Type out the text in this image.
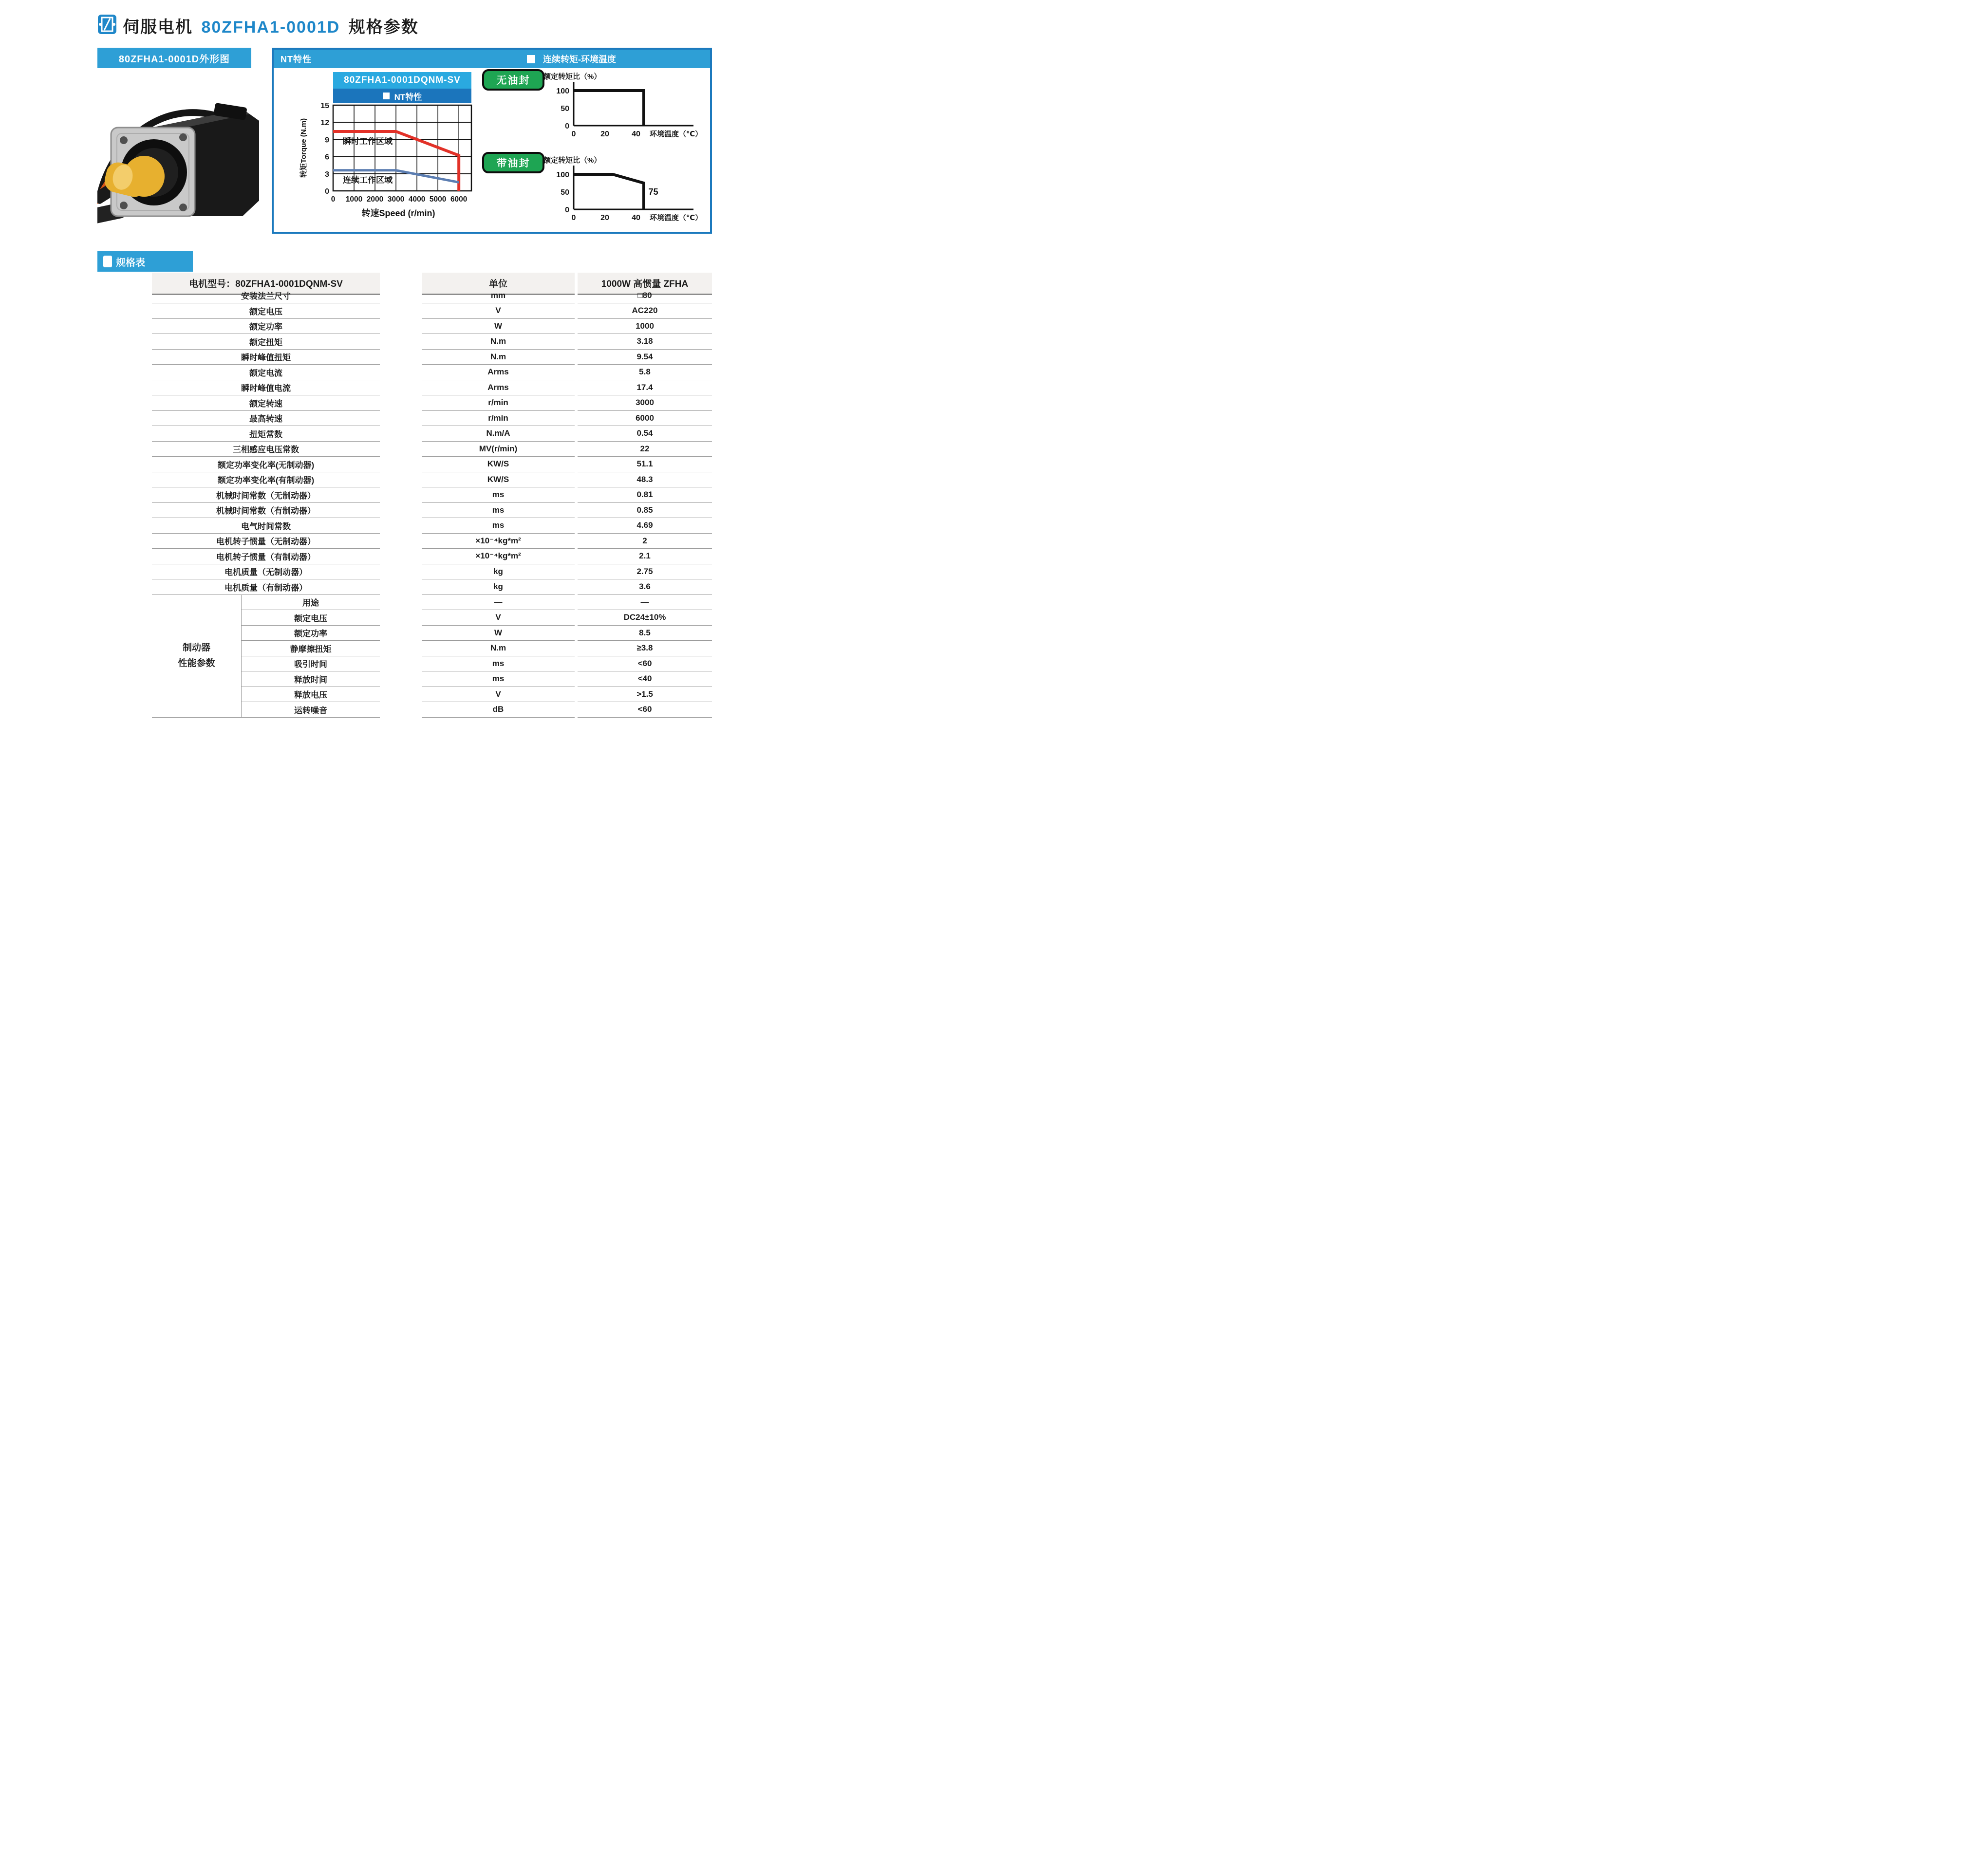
伺服电机 80ZFHA1-0001D 规格参数
80ZFHA1-0001D外形图	NT特性	连续转矩-环境温度
80ZFHA1-0001DQNM-SV
NT特性
瞬时工作区域
连续工作区域
0
3
6
9
12
15
0 1000 2000 3000 4000 5000 6000
转速Speed (r/min)
转矩Torque (N.m)
无油封
带油封
额定转矩比（%）
100
50
0
0	20	40 环境温度（℃）
额定转矩比（%）
100
50
0
0	20	40 环境温度（℃）
75
规格表
电机型号：80ZFHA1-0001DQNM-SV	单位	1000W 高惯量 ZFHA
安装法兰尺寸	mm	□80
额定电压	V	AC220
额定功率	W	1000
额定扭矩	N.m	3.18
瞬时峰值扭矩	N.m	9.54
额定电流	Arms	5.8
瞬时峰值电流	Arms	17.4
额定转速	r/min	3000
最高转速	r/min	6000
扭矩常数	N.m/A	0.54
三相感应电压常数	MV(r/min)	22
额定功率变化率(无制动器)	KW/S	51.1
额定功率变化率(有制动器)	KW/S	48.3
机械时间常数（无制动器）	ms	0.81
机械时间常数（有制动器）	ms	0.85
电气时间常数	ms	4.69
电机转子惯量（无制动器）	×10⁻⁴kg*m²	2
电机转子惯量（有制动器）	×10⁻⁴kg*m²	2.1
电机质量（无制动器）	kg	2.75
电机质量（有制动器）	kg	3.6
制动器
性能参数
用途	—	—
额定电压	V	DC24±10%
额定功率	W	8.5
静摩擦扭矩	N.m	≥3.8
吸引时间	ms	<60
释放时间	ms	<40
释放电压	V	>1.5
运转噪音	dB	<60
